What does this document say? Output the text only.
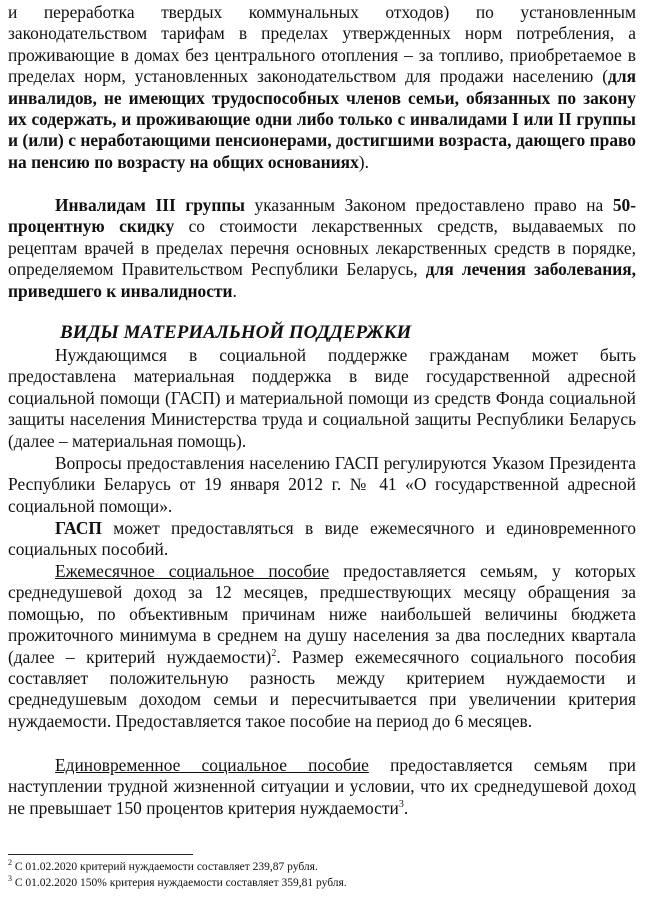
и переработка твердых коммунальных отходов) по установленным законодательством тарифам в пределах утвержденных норм потребления, а проживающие в домах без центрального отопления – за топливо, приобретаемое в пределах норм, установленных законодательством для продажи населению (для инвалидов, не имеющих трудоспособных членов семьи, обязанных по закону их содержать, и проживающие одни либо только с инвалидами I или II группы и (или) с неработающими пенсионерами, достигшими возраста, дающего право на пенсию по возрасту на общих основаниях).

Инвалидам III группы указанным Законом предоставлено право на 50-процентную скидку со стоимости лекарственных средств, выдаваемых по рецептам врачей в пределах перечня основных лекарственных средств в порядке, определяемом Правительством Республики Беларусь, для лечения заболевания, приведшего к инвалидности.

ВИДЫ МАТЕРИАЛЬНОЙ ПОДДЕРЖКИ

Нуждающимся в социальной поддержке гражданам может быть предоставлена материальная поддержка в виде государственной адресной социальной помощи (ГАСП) и материальной помощи из средств Фонда социальной защиты населения Министерства труда и социальной защиты Республики Беларусь (далее – материальная помощь).

Вопросы предоставления населению ГАСП регулируются Указом Президента Республики Беларусь от 19 января 2012 г. № 41 «О государственной адресной социальной помощи».

ГАСП может предоставляться в виде ежемесячного и единовременного социальных пособий.

Ежемесячное социальное пособие предоставляется семьям, у которых среднедушевой доход за 12 месяцев, предшествующих месяцу обращения за помощью, по объективным причинам ниже наибольшей величины бюджета прожиточного минимума в среднем на душу населения за два последних квартала (далее – критерий нуждаемости)$^2$. Размер ежемесячного социального пособия составляет положительную разность между критерием нуждаемости и среднедушевым доходом семьи и пересчитывается при увеличении критерия нуждаемости. Предоставляется такое пособие на период до 6 месяцев.

Единовременное социальное пособие предоставляется семьям при наступлении трудной жизненной ситуации и условии, что их среднедушевой доход не превышает 150 процентов критерия нуждаемости$^3$.

$^2$ С 01.02.2020 критерий нуждаемости составляет 239,87 рубля.

$^3$ С 01.02.2020 150% критерия нуждаемости составляет 359,81 рубля.
